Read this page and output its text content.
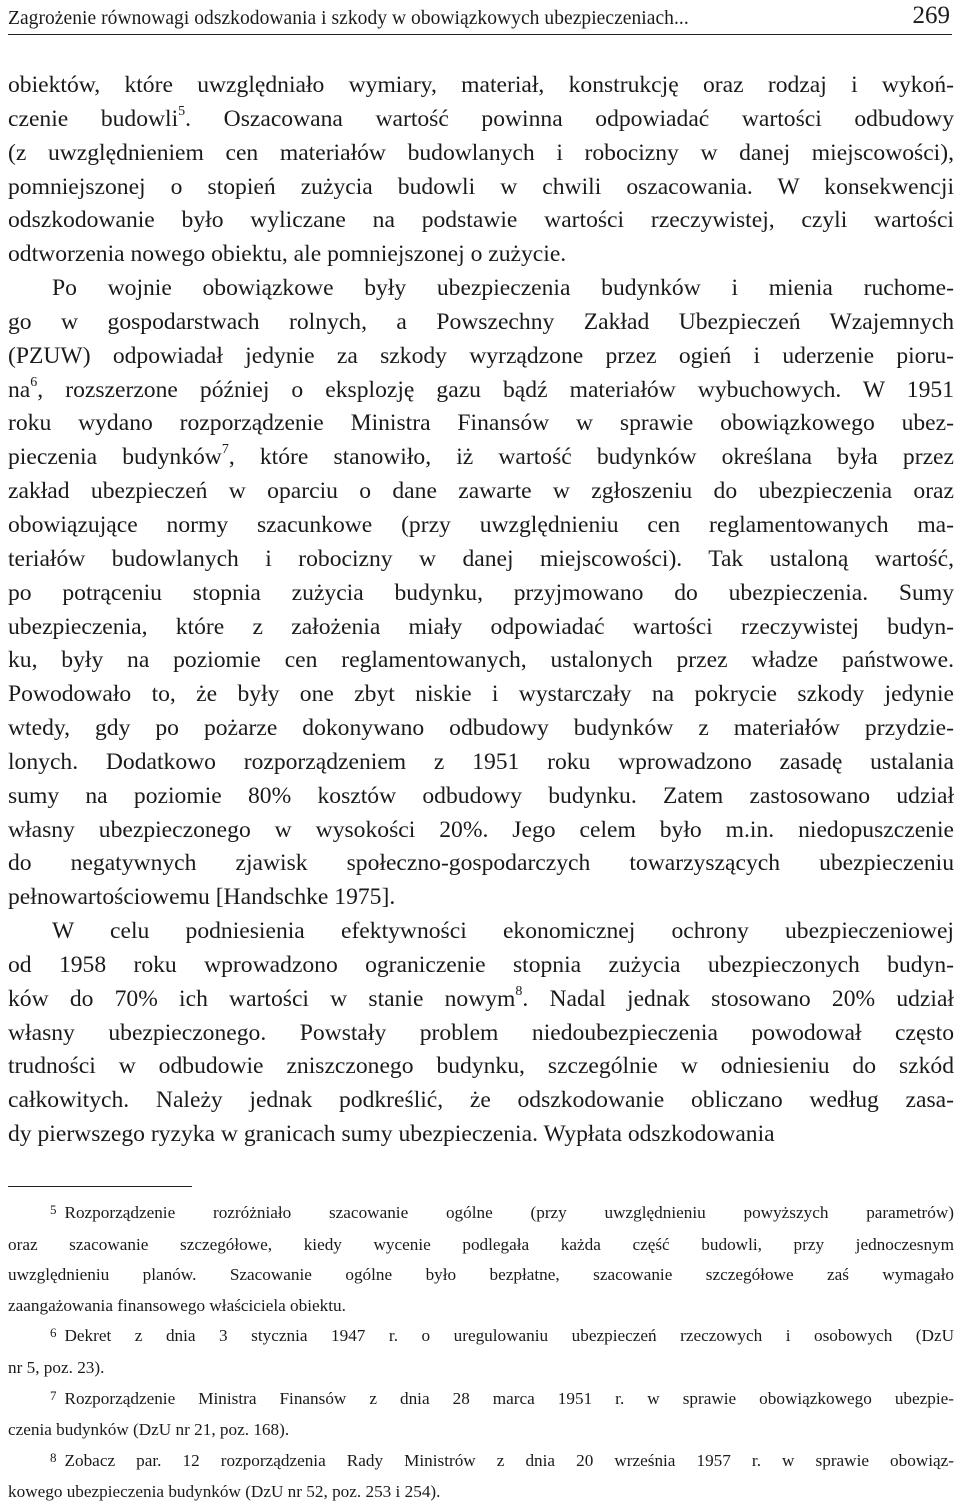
Zagrożenie równowagi odszkodowania i szkody w obowiązkowych ubezpieczeniach...	269

obiektów, które uwzględniało wymiary, materiał, konstrukcję oraz rodzaj i wykoń-
czenie budowli$^5$. Oszacowana wartość powinna odpowiadać wartości odbudowy
(z uwzględnieniem cen materiałów budowlanych i robocizny w danej miejscowości),
pomniejszonej o stopień zużycia budowli w chwili oszacowania. W konsekwencji
odszkodowanie było wyliczane na podstawie wartości rzeczywistej, czyli wartości
odtworzenia nowego obiektu, ale pomniejszonej o zużycie.

Po wojnie obowiązkowe były ubezpieczenia budynków i mienia ruchome-
go w gospodarstwach rolnych, a Powszechny Zakład Ubezpieczeń Wzajemnych
(PZUW) odpowiadał jedynie za szkody wyrządzone przez ogień i uderzenie pioru-
$na^6$, rozszerzone później o eksplozję gazu bądź materiałów wybuchowych. W 1951
roku wydano rozporządzenie Ministra Finansów w sprawie obowiązkowego ubez-
pieczenia budynków$^7$, które stanowiło, iż wartość budynków określana była przez
zakład ubezpieczeń w oparciu o dane zawarte w zgłoszeniu do ubezpieczenia oraz
obowiązujące normy szacunkowe (przy uwzględnieniu cen reglamentowanych ma-
teriałów budowlanych i robocizny w danej miejscowości). Tak ustaloną wartość,
po potrąceniu stopnia zużycia budynku, przyjmowano do ubezpieczenia. Sumy
ubezpieczenia, które z założenia miały odpowiadać wartości rzeczywistej budyn-
ku, były na poziomie cen reglamentowanych, ustalonych przez władze państwowe.
Powodowało to, że były one zbyt niskie i wystarczały na pokrycie szkody jedynie
wtedy, gdy po pożarze dokonywano odbudowy budynków z materiałów przydzie-
lonych. Dodatkowo rozporządzeniem z 1951 roku wprowadzono zasadę ustalania
sumy na poziomie 80% kosztów odbudowy budynku. Zatem zastosowano udział
własny ubezpieczonego w wysokości 20%. Jego celem było m.in. niedopuszczenie
do negatywnych zjawisk społeczno-gospodarczych towarzyszących ubezpieczeniu
pełnowartościowemu [Handschke 1975].

W celu podniesienia efektywności ekonomicznej ochrony ubezpieczeniowej
od 1958 roku wprowadzono ograniczenie stopnia zużycia ubezpieczonych budyn-
ków do 70% ich wartości w stanie nowym$^8$. Nadal jednak stosowano 20% udział
własny ubezpieczonego. Powstały problem niedoubezpieczenia powodował często
trudności w odbudowie zniszczonego budynku, szczególnie w odniesieniu do szkód
całkowitych. Należy jednak podkreślić, że odszkodowanie obliczano według zasa-
dy pierwszego ryzyka w granicach sumy ubezpieczenia. Wypłata odszkodowania

$^5$ Rozporządzenie rozróżniało szacowanie ogólne (przy uwzględnieniu powyższych parametrów)
oraz szacowanie szczegółowe, kiedy wycenie podlegała każda część budowli, przy jednoczesnym
uwzględnieniu planów. Szacowanie ogólne było bezpłatne, szacowanie szczegółowe zaś wymagało
zaangażowania finansowego właściciela obiektu.

$^6$ Dekret z dnia 3 stycznia 1947 r. o uregulowaniu ubezpieczeń rzeczowych i osobowych (DzU
nr 5, poz. 23).

$^7$ Rozporządzenie Ministra Finansów z dnia 28 marca 1951 r. w sprawie obowiązkowego ubezpie-
czenia budynków (DzU nr 21, poz. 168).

$^8$ Zobacz par. 12 rozporządzenia Rady Ministrów z dnia 20 września 1957 r. w sprawie obowiąz-
kowego ubezpieczenia budynków (DzU nr 52, poz. 253 i 254).
